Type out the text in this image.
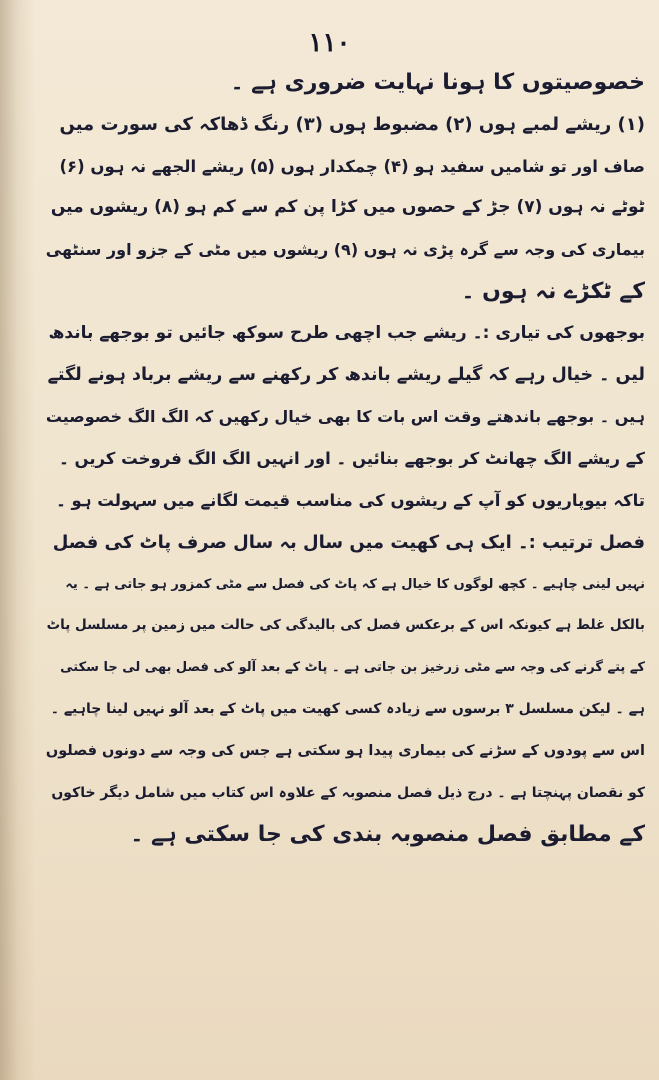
۱۱۰
خصوصیتوں کا ہونا نہایت ضروری ہے ۔
(۱) ریشے لمبے ہوں (۲) مضبوط ہوں (۳) رنگ ڈھاکہ کی سورت میں
صاف اور تو شامیں سفید ہو (۴) چمکدار ہوں (۵) ریشے الجھے نہ ہوں (۶)
ٹوٹے نہ ہوں (۷) جڑ کے حصوں میں کڑا پن کم سے کم ہو (۸) ریشوں میں
بیماری کی وجہ سے گرہ پڑی نہ ہوں (۹) ریشوں میں مٹی کے جزو اور سنٹھی
کے ٹکڑے نہ ہوں ۔
بوجھوں کی تیاری :۔ ریشے جب اچھی طرح سوکھ جائیں تو بوجھے باندھ
لیں ۔ خیال رہے کہ گیلے ریشے باندھ کر رکھنے سے ریشے برباد ہونے لگتے
ہیں ۔ بوجھے باندھتے وقت اس بات کا بھی خیال رکھیں کہ الگ الگ خصوصیت
کے ریشے الگ چھانٹ کر بوجھے بنائیں ۔ اور انہیں الگ الگ فروخت کریں ۔
تاکہ بیوپاریوں کو آپ کے ریشوں کی مناسب قیمت لگانے میں سہولت ہو ۔
فصل ترتیب :۔ ایک ہی کھیت میں سال بہ سال صرف پاٹ کی فصل
نہیں لینی چاہیے ۔ کچھ لوگوں کا خیال ہے کہ پاٹ کی فصل سے مٹی کمزور ہو جاتی ہے ۔ یہ
بالکل غلط ہے کیونکہ اس کے برعکس فصل کی بالیدگی کی حالت میں زمین پر مسلسل پاٹ
کے پتے گرنے کی وجہ سے مٹی زرخیز بن جاتی ہے ۔ پاٹ کے بعد آلو کی فصل بھی لی جا سکتی
ہے ۔ لیکن مسلسل ۳ برسوں سے زیادہ کسی کھیت میں پاٹ کے بعد آلو نہیں لینا چاہیے ۔
اس سے پودوں کے سڑنے کی بیماری پیدا ہو سکتی ہے جس کی وجہ سے دونوں فصلوں
کو نقصان پہنچتا ہے ۔ درج ذیل فصل منصوبہ کے علاوہ اس کتاب میں شامل دیگر خاکوں
کے مطابق فصل منصوبہ بندی کی جا سکتی ہے ۔
